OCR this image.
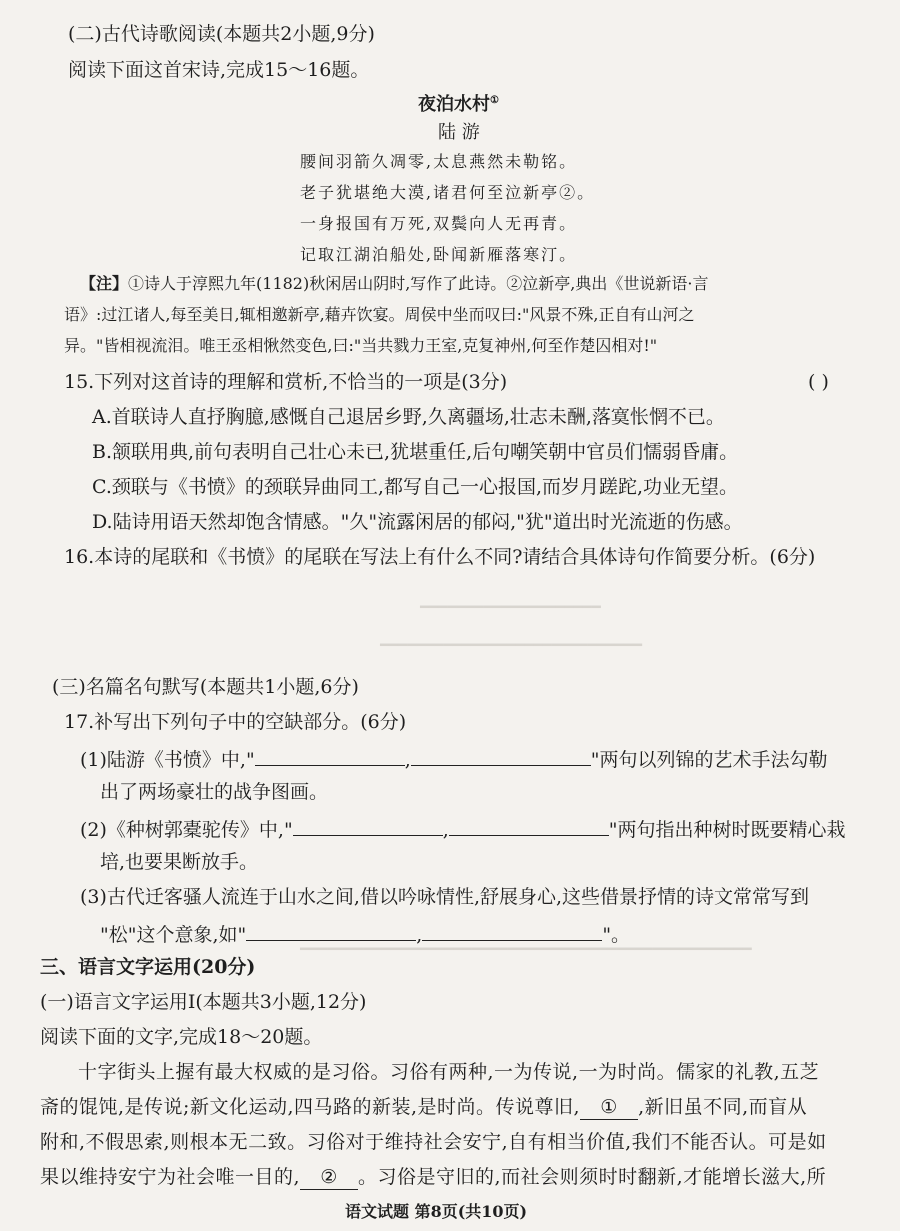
━━━━━━━━━━━━━━━━━━━━
━━━━━━━━━━━━━━━━━━━━━━━━━━━━━
━━━━━━━━━━━━━━━━━━━━━━━━━━━━━━━━━━━━━━━━━━━━━━━━━━
(二)古代诗歌阅读(本题共2小题,9分)
阅读下面这首宋诗,完成15～16题。
夜泊水村①
陆 游
腰间羽箭久凋零,太息燕然未勒铭。
老子犹堪绝大漠,诸君何至泣新亭②。
一身报国有万死,双鬓向人无再青。
记取江湖泊船处,卧闻新雁落寒汀。
【注】①诗人于淳熙九年(1182)秋闲居山阴时,写作了此诗。②泣新亭,典出《世说新语·言
语》:过江诸人,每至美日,辄相邀新亭,藉卉饮宴。周侯中坐而叹曰:"风景不殊,正自有山河之
异。"皆相视流泪。唯王丞相愀然变色,曰:"当共戮力王室,克复神州,何至作楚囚相对!"
15.下列对这首诗的理解和赏析,不恰当的一项是(3分)	( )
A.首联诗人直抒胸臆,感慨自己退居乡野,久离疆场,壮志未酬,落寞怅惘不已。
B.颔联用典,前句表明自己壮心未已,犹堪重任,后句嘲笑朝中官员们懦弱昏庸。
C.颈联与《书愤》的颈联异曲同工,都写自己一心报国,而岁月蹉跎,功业无望。
D.陆诗用语天然却饱含情感。"久"流露闲居的郁闷,"犹"道出时光流逝的伤感。
16.本诗的尾联和《书愤》的尾联在写法上有什么不同?请结合具体诗句作简要分析。(6分)
(三)名篇名句默写(本题共1小题,6分)
17.补写出下列句子中的空缺部分。(6分)
(1)陆游《书愤》中,"	,	"两句以列锦的艺术手法勾勒
出了两场豪壮的战争图画。
(2)《种树郭橐驼传》中,"	,	"两句指出种树时既要精心栽
培,也要果断放手。
(3)古代迁客骚人流连于山水之间,借以吟咏情性,舒展身心,这些借景抒情的诗文常常写到
"松"这个意象,如"	,	"。
三、语言文字运用(20分)
(一)语言文字运用Ⅰ(本题共3小题,12分)
阅读下面的文字,完成18～20题。
十字街头上握有最大权威的是习俗。习俗有两种,一为传说,一为时尚。儒家的礼教,五芝
斋的馄饨,是传说;新文化运动,四马路的新装,是时尚。传说尊旧, ① ,新旧虽不同,而盲从
附和,不假思索,则根本无二致。习俗对于维持社会安宁,自有相当价值,我们不能否认。可是如
果以维持安宁为社会唯一目的, ② 。习俗是守旧的,而社会则须时时翻新,才能增长滋大,所
语文试题 第8页(共10页)
